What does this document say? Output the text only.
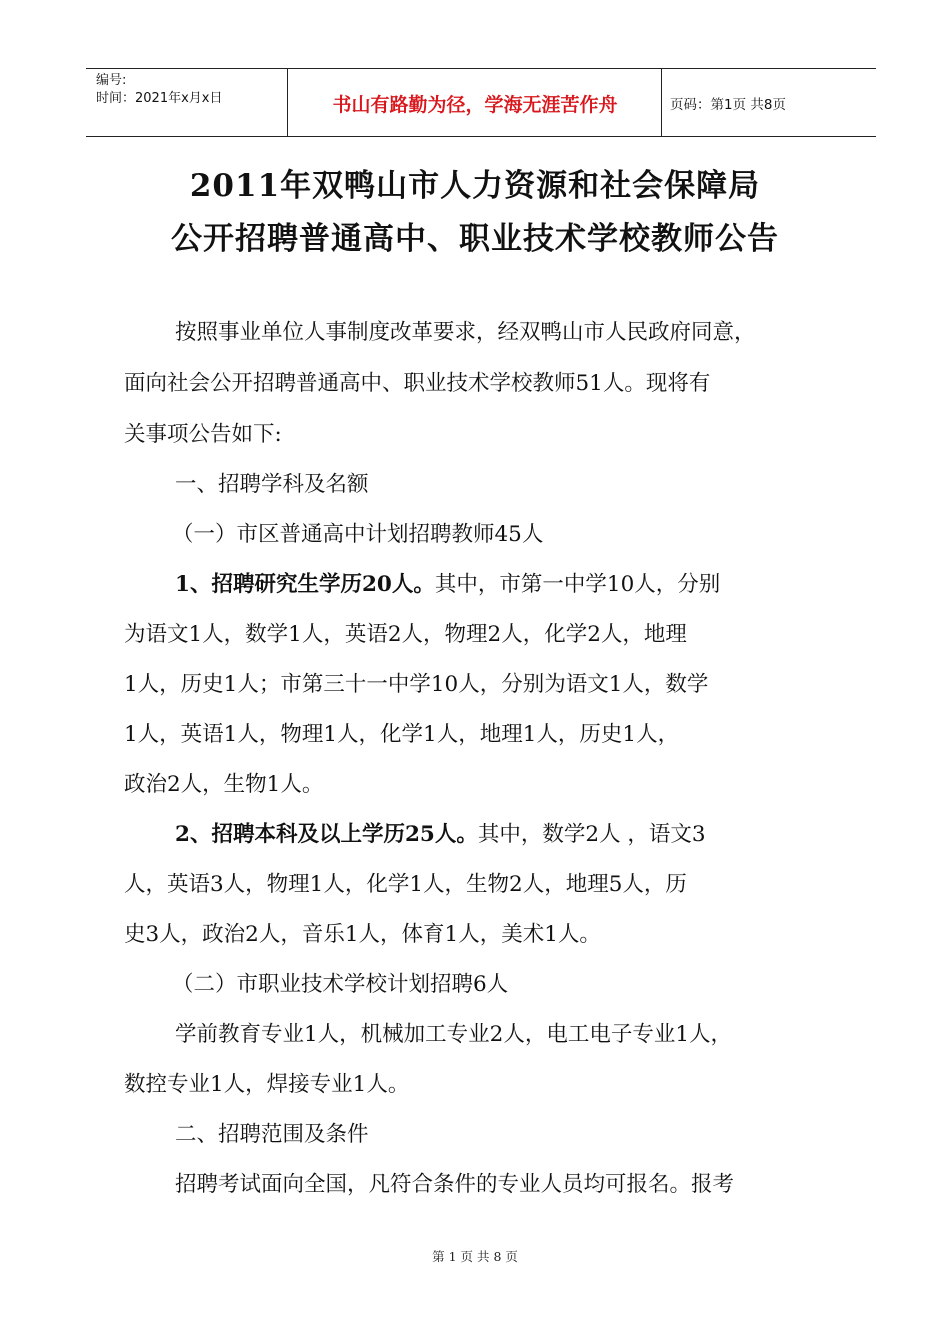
编号:
时间：2021年x月x日	书山有路勤为径，学海无涯苦作舟	页码：第1页 共8页
2011年双鸭山市人力资源和社会保障局
公开招聘普通高中、职业技术学校教师公告
按照事业单位人事制度改革要求，经双鸭山市人民政府同意，
面向社会公开招聘普通高中、职业技术学校教师51人。现将有
关事项公告如下:
一、招聘学科及名额
（一）市区普通高中计划招聘教师45人
1、招聘研究生学历20人。其中，市第一中学10人，分别
为语文1人，数学1人，英语2人，物理2人，化学2人，地理
1人，历史1人；市第三十一中学10人，分别为语文1人，数学
1人，英语1人，物理1人，化学1人，地理1人，历史1人，
政治2人，生物1人。
2、招聘本科及以上学历25人。其中，数学2人 ，语文3
人，英语3人，物理1人，化学1人，生物2人，地理5人，历
史3人，政治2人，音乐1人，体育1人，美术1人。
（二）市职业技术学校计划招聘6人
学前教育专业1人，机械加工专业2人，电工电子专业1人，
数控专业1人，焊接专业1人。
二、招聘范围及条件
招聘考试面向全国，凡符合条件的专业人员均可报名。报考
第 1 页 共 8 页
